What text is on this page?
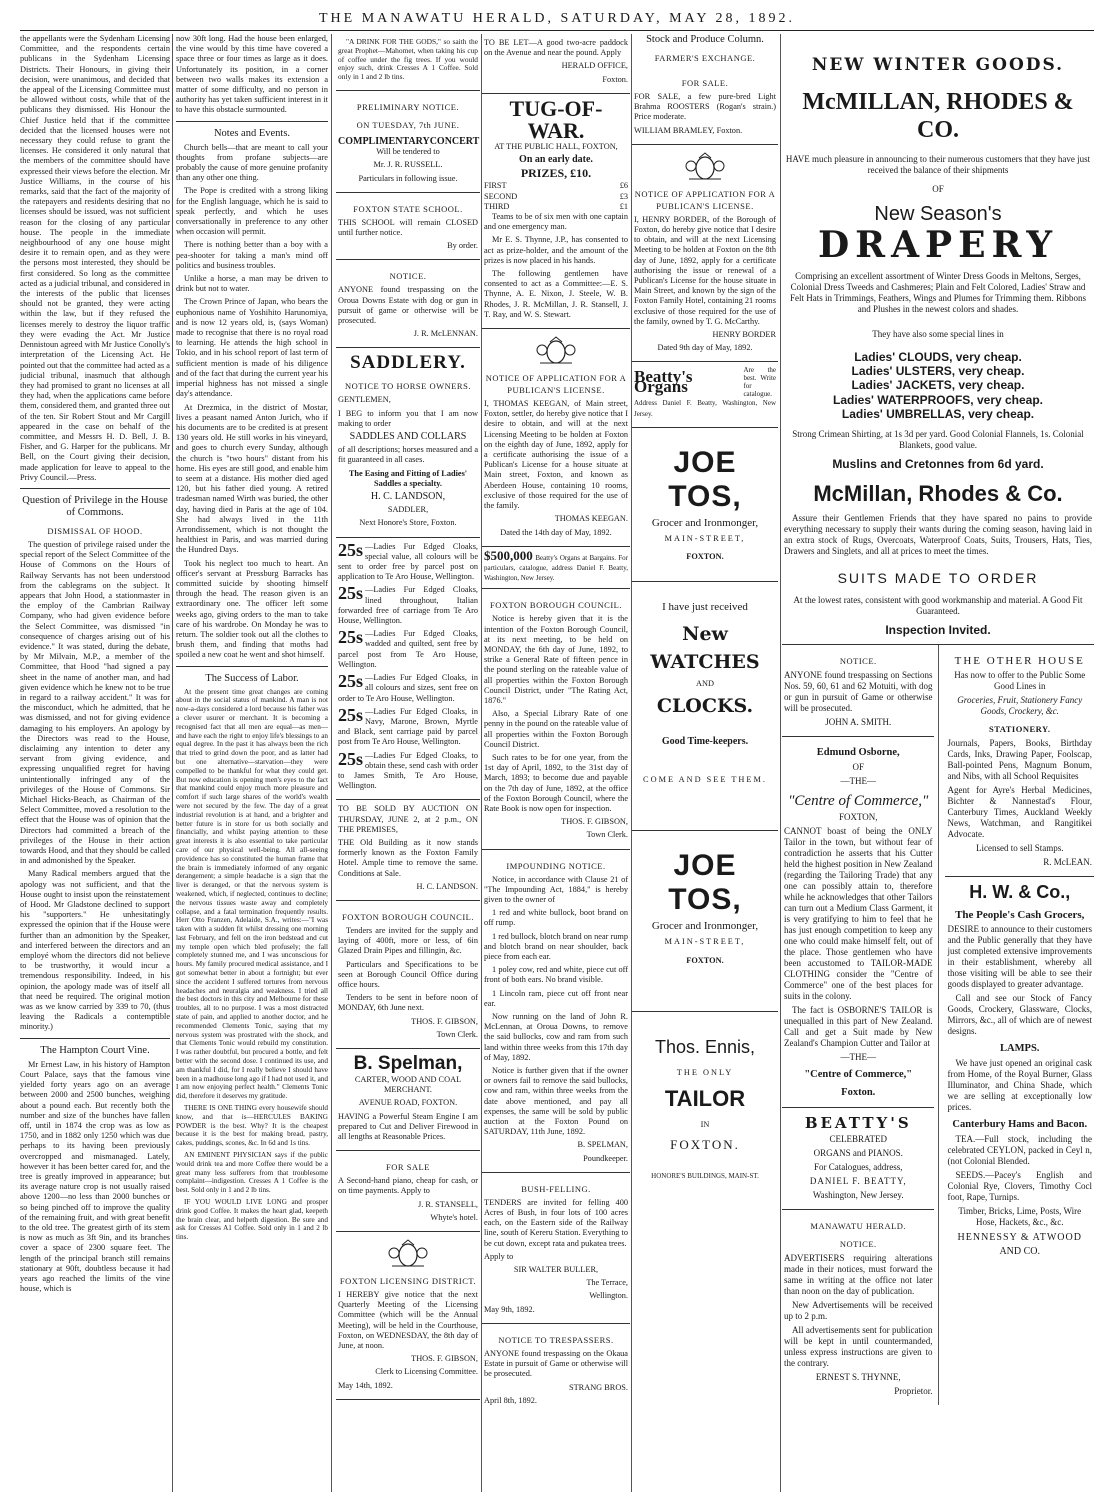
THE MANAWATU HERALD, SATURDAY, MAY 28, 1892.

the appellants were the Sydenham Licensing Committee, and the respondents certain publicans in the Sydenham Licensing Districts. Their Honours, in giving their decision, were unanimous, and decided that the appeal of the Licensing Committee must be allowed without costs, while that of the publicans they dismissed. His Honour the Chief Justice held that if the committee decided that the licensed houses were not necessary they could refuse to grant the licenses. He considered it only natural that the members of the committee should have expressed their views before the election. Mr Justice Williams, in the course of his remarks, said that the fact of the majority of the ratepayers and residents desiring that no licenses should be issued, was not sufficient reason for the closing of any particular house. The people in the immediate neighbourhood of any one house might desire it to remain open, and as they were the persons most interested, they should be first considered. So long as the committee acted as a judicial tribunal, and considered in the interests of the public that licenses should not be granted, they were acting within the law, but if they refused the licenses merely to destroy the liquor traffic they were evading the Act. Mr Justice Dennistoun agreed with Mr Justice Conolly's interpretation of the Licensing Act. He pointed out that the committee had acted as a judicial tribunal, inasmuch that although they had promised to grant no licenses at all they had, when the applications came before them, considered them, and granted three out of the ten. Sir Robert Stout and Mr Cargill appeared in the case on behalf of the committee, and Messrs H. D. Bell, J. B. Fisher, and G. Harper for the publicans. Mr Bell, on the Court giving their decision, made application for leave to appeal to the Privy Council.—Press.

Question of Privilege in the House of Commons.
DISMISSAL OF HOOD.

The question of privilege raised under the special report of the Select Committee of the House of Commons on the Hours of Railway Servants has not been understood from the cablegrams on the subject. It appears that John Hood, a stationmaster in the employ of the Cambrian Railway Company, who had given evidence before the Select Committee, was dismissed "in consequence of charges arising out of his evidence." It was stated, during the debate, by Mr Milvain, M.P., a member of the Committee, that Hood "had signed a pay sheet in the name of another man, and had given evidence which he knew not to be true in regard to a railway accident." It was for the misconduct, which he admitted, that he was dismissed, and not for giving evidence damaging to his employers. An apology by the Directors was read to the House, disclaiming any intention to deter any servant from giving evidence, and expressing unqualified regret for having unintentionally infringed any of the privileges of the House of Commons. Sir Michael Hicks-Beach, as Chairman of the Select Committee, moved a resolution to the effect that the House was of opinion that the Directors had committed a breach of the privileges of the House in their action towards Hood, and that they should be called in and admonished by the Speaker.

Many Radical members argued that the apology was not sufficient, and that the House ought to insist upon the reinstatement of Hood. Mr Gladstone declined to support his "supporters." He unhesitatingly expressed the opinion that if the House were further than an admonition by the Speaker, and interfered between the directors and an employé whom the directors did not believe to be trustworthy, it would incur a tremendous responsibility. Indeed, in his opinion, the apology made was of itself all that need be required. The original motion was as we know carried by 339 to 70, (thus leaving the Radicals a contemptible minority.)

The Hampton Court Vine.

Mr Ernest Law, in his history of Hampton Court Palace, says that the famous vine yielded forty years ago on an average between 2000 and 2500 bunches, weighing about a pound each. But recently both the number and size of the bunches have fallen off, until in 1874 the crop was as low as 1750, and in 1882 only 1250 which was due perhaps to its having been previously overcropped and mismanaged. Lately, however it has been better cared for, and the tree is greatly improved in appearance; but its average nature crop is not usually raised above 1200—no less than 2000 bunches or so being pinched off to improve the quality of the remaining fruit, and with great benefit to the old tree. The greatest girth of its stem is now as much as 3ft 9in, and its branches cover a space of 2300 square feet. The length of the principal branch still remains stationary at 90ft, doubtless because it had years ago reached the limits of the vine house, which is

now 30ft long. Had the house been enlarged, the vine would by this time have covered a space three or four times as large as it does. Unfortunately its position, in a corner between two walls makes its extension a matter of some difficulty, and no person in authority has yet taken sufficient interest in it to have this obstacle surmounted.

Notes and Events.

Church bells—that are meant to call your thoughts from profane subjects—are probably the cause of more genuine profanity than any other one thing.

The Pope is credited with a strong liking for the English language, which he is said to speak perfectly, and which he uses conversationally in preference to any other when occasion will permit.

There is nothing better than a boy with a pea-shooter for taking a man's mind off politics and business troubles.

Unlike a horse, a man may be driven to drink but not to water.

The Crown Prince of Japan, who bears the euphonious name of Yoshihito Harunomiya, and is now 12 years old, is, (says Woman) made to recognise that there is no royal road to learning. He attends the high school in Tokio, and in his school report of last term of sufficient mention is made of his diligence and of the fact that during the current year his imperial highness has not missed a single day's attendance.

At Drezmica, in the district of Mostar, lives a peasant named Anton Jurich, who if his documents are to be credited is at present 130 years old. He still works in his vineyard, and goes to church every Sunday, although the church is "two hours" distant from his home. His eyes are still good, and enable him to seem at a distance. His mother died aged 120, but his father died young. A retired tradesman named Wirth was buried, the other day, having died in Paris at the age of 104. She had always lived in the 11th Arrondissement, which is not thought the healthiest in Paris, and was married during the Hundred Days.

Took his neglect too much to heart. An officer's servant at Pressburg Barracks has committed suicide by shooting himself through the head. The reason given is an extraordinary one. The officer left some weeks ago, giving orders to the man to take care of his wardrobe. On Monday he was to return. The soldier took out all the clothes to brush them, and finding that moths had spoiled a new coat he went and shot himself.

The Success of Labor.

At the present time great changes are coming about in the social status of mankind. A man is not now-a-days considered a lord because his father was a clever usurer or merchant. It is becoming a recognised fact that all men are equal—as men—and have each the right to enjoy life's blessings to an equal degree. In the past it has always been the rich that tried to grind down the poor, and as latter had but one alternative—starvation—they were compelled to be thankful for what they could get. But now education is opening men's eyes to the fact that mankind could enjoy much more pleasure and comfort if such large shares of the world's wealth were not secured by the few. The day of a great industrial revolution is at hand, and a brighter and better future is in store for us both socially and financially, and whilst paying attention to these great interests it is also essential to take particular care of our physical well-being. All all-seeing providence has so constituted the human frame that the brain is immediately informed of any organic derangement; a simple headache is a sign that the liver is deranged, or that the nervous system is weakened, which, if neglected, continues to decline; the nervous tissues waste away and completely collapse, and a fatal termination frequently results. Herr Otto Franzen, Adelaide, S.A., writes:—"I was taken with a sudden fit whilst dressing one morning last February, and fell on the iron bedstead and cut my temple open which bled profusely; the fall completely stunned me, and I was unconscious for hours. My family procured medical assistance, and I got somewhat better in about a fortnight; but ever since the accident I suffered tortures from nervous headaches and neuralgia and weakness. I tried all the best doctors in this city and Melbourne for these troubles, all to no purpose. I was a most distracted state of pain, and applied to another doctor, and he recommended Clements Tonic, saying that my nervous system was prostrated with the shock, and that Clements Tonic would rebuild my constitution. I was rather doubtful, but procured a bottle, and felt better with the second dose. I continued its use, and am thankful I did, for I really believe I should have been in a madhouse long ago if I had not used it, and I am now enjoying perfect health." Clements Tonic did, therefore it deserves my gratitude.

THERE IS ONE THING every housewife should know, and that is—HERCULES BAKING POWDER is the best. Why? It is the cheapest because it is the best for making bread, pastry, cakes, puddings, scones, &c. In 6d and 1s tins.

AN EMINENT PHYSICIAN says if the public would drink tea and more Coffee there would be a great many less sufferers from that troublesome complaint—indigestion. Cresses A 1 Coffee is the best. Sold only in 1 and 2 lb tins.

IF YOU WOULD LIVE LONG and prosper drink good Coffee. It makes the heart glad, keepeth the brain clear, and helpeth digestion. Be sure and ask for Cresses A1 Coffee. Sold only in 1 and 2 lb tins.

"A DRINK FOR THE GODS," so saith the great Prophet—Mahomet, when taking his cup of coffee under the fig trees. If you would enjoy such, drink Cresses A 1 Coffee. Sold only in 1 and 2 lb tins.

PRELIMINARY NOTICE.
ON TUESDAY, 7th JUNE.
COMPLIMENTARY CONCERT

Will be tendered to

Mr. J. R. RUSSELL.

Particulars in following issue.

FOXTON STATE SCHOOL.

THIS SCHOOL will remain CLOSED until further notice.

By order.

NOTICE.

ANYONE found trespassing on the Oroua Downs Estate with dog or gun in pursuit of game or otherwise will be prosecuted.

J. R. McLENNAN.

SADDLERY.
NOTICE TO HORSE OWNERS.

GENTLEMEN,

I BEG to inform you that I am now making to order

SADDLES AND COLLARS

of all descriptions; horses measured and a fit guaranteed in all cases.

The Easing and Fitting of Ladies' Saddles a specialty.

H. C. LANDSON,

SADDLER,

Next Honore's Store, Foxton.

25s —Ladies Fur Edged Cloaks, special value, all colours will be sent to order free by parcel post on application to Te Aro House, Wellington.

25s —Ladies Fur Edged Cloaks, lined throughout, Italian forwarded free of carriage from Te Aro House, Wellington.

25s —Ladies Fur Edged Cloaks, wadded and quilted, sent free by parcel post from Te Aro House, Wellington.

25s —Ladies Fur Edged Cloaks, in all colours and sizes, sent free on order to Te Aro House, Wellington.

25s —Ladies Fur Edged Cloaks, in Navy, Marone, Brown, Myrtle and Black, sent carriage paid by parcel post from Te Aro House, Wellington.

25s —Ladies Fur Edged Cloaks, to obtain these, send cash with order to James Smith, Te Aro House, Wellington.

TO BE SOLD BY AUCTION ON THURSDAY, JUNE 2, at 2 p.m., ON THE PREMISES,

THE Old Building as it now stands formerly known as the Foxton Family Hotel. Ample time to remove the same. Conditions at Sale.

H. C. LANDSON.

FOXTON BOROUGH COUNCIL.

Tenders are invited for the supply and laying of 400ft, more or less, of 6in Glazed Drain Pipes and fillingin, &c.

Particulars and Specifications to be seen at Borough Council Office during office hours.

Tenders to be sent in before noon of MONDAY, 6th June next.

THOS. F. GIBSON,

Town Clerk.

B. Spelman,

CARTER, WOOD AND COAL MERCHANT.

AVENUE ROAD, FOXTON.

HAVING a Powerful Steam Engine I am prepared to Cut and Deliver Firewood in all lengths at Reasonable Prices.

FOR SALE

A Second-hand piano, cheap for cash, or on time payments. Apply to

J. R. STANSELL,

Whyte's hotel.

FOXTON LICENSING DISTRICT.

I HEREBY give notice that the next Quarterly Meeting of the Licensing Committee (which will be the Annual Meeting), will be held in the Courthouse, Foxton, on WEDNESDAY, the 8th day of June, at noon.

THOS. F. GIBSON,

Clerk to Licensing Committee.

May 14th, 1892.

TO BE LET—A good two-acre paddock on the Avenue and near the pound. Apply

HERALD OFFICE,

Foxton.

TUG-OF-WAR.

AT THE PUBLIC HALL, FOXTON,

On an early date.

PRIZES, £10.

FIRST	£6
SECOND	£3
THIRD	£1

Teams to be of six men with one captain and one emergency man.

Mr E. S. Thynne, J.P., has consented to act as prize-holder, and the amount of the prizes is now placed in his hands.

The following gentlemen have consented to act as a Committee:—E. S. Thynne, A. E. Nixon, J. Steele, W. B. Rhodes, J. R. McMillan, J. R. Stansell, J. T. Ray, and W. S. Stewart.

NOTICE OF APPLICATION FOR A PUBLICAN'S LICENSE.

I, THOMAS KEEGAN, of Main street, Foxton, settler, do hereby give notice that I desire to obtain, and will at the next Licensing Meeting to be holden at Foxton on the eighth day of June, 1892, apply for a certificate authorising the issue of a Publican's License for a house situate at Main street, Foxton, and known as Aberdeen House, containing 10 rooms, exclusive of those required for the use of the family.

THOMAS KEEGAN.

Dated the 14th day of May, 1892.

$500,000 Beatty's Organs at Bargains. For particulars, catalogue, address Daniel F. Beatty, Washington, New Jersey.
FOXTON BOROUGH COUNCIL.

Notice is hereby given that it is the intention of the Foxton Borough Council, at its next meeting, to be held on MONDAY, the 6th day of June, 1892, to strike a General Rate of fifteen pence in the pound sterling on the rateable value of all properties within the Foxton Borough Council District, under "The Rating Act, 1876."

Also, a Special Library Rate of one penny in the pound on the rateable value of all properties within the Foxton Borough Council District.

Such rates to be for one year, from the 1st day of April, 1892, to the 31st day of March, 1893; to become due and payable on the 7th day of June, 1892, at the office of the Foxton Borough Council, where the Rate Book is now open for inspection.

THOS. F. GIBSON,

Town Clerk.

IMPOUNDING NOTICE.

Notice, in accordance with Clause 21 of "The Impounding Act, 1884," is hereby given to the owner of

1 red and white bullock, boot brand on off rump.

1 red bullock, blotch brand on near rump and blotch brand on near shoulder, back piece from each ear.

1 poley cow, red and white, piece cut off front of both ears. No brand visible.

1 Lincoln ram, piece cut off front near ear.

Now running on the land of John R. McLennan, at Oroua Downs, to remove the said bullocks, cow and ram from such land within three weeks from this 17th day of May, 1892.

Notice is further given that if the owner or owners fail to remove the said bullocks, cow and ram, within three weeks from the date above mentioned, and pay all expenses, the same will be sold by public auction at the Foxton Pound on SATURDAY, 11th June, 1892.

B. SPELMAN,

Poundkeeper.

BUSH-FELLING.

TENDERS are invited for felling 400 Acres of Bush, in four lots of 100 acres each, on the Eastern side of the Railway line, south of Kereru Station. Everything to be cut down, except rata and pukatea trees.

Apply to

SIR WALTER BULLER,

The Terrace,

Wellington.

May 9th, 1892.

NOTICE TO TRESPASSERS.

ANYONE found trespassing on the Okaua Estate in pursuit of Game or otherwise will be prosecuted.

STRANG BROS.

April 8th, 1892.

Stock and Produce Column.
FARMER'S EXCHANGE.
FOR SALE.

FOR SALE, a few pure-bred Light Brahma ROOSTERS (Rogan's strain.) Price moderate.

WILLIAM BRAMLEY, Foxton.

NOTICE OF APPLICATION FOR A PUBLICAN'S LICENSE.

I, HENRY BORDER, of the Borough of Foxton, do hereby give notice that I desire to obtain, and will at the next Licensing Meeting to be holden at Foxton on the 8th day of June, 1892, apply for a certificate authorising the issue or renewal of a Publican's License for the house situate in Main Street, and known by the sign of the Foxton Family Hotel, containing 21 rooms exclusive of those required for the use of the family, owned by T. G. McCarthy.

HENRY BORDER

Dated 9th day of May, 1892.

Beatty's Organs
Are the best. Write for catalogue.

Address Daniel F. Beatty, Washington, New Jersey.

JOE TOS,

Grocer and Ironmonger,

MAIN-STREET,

FOXTON.

I have just received

New
WATCHES

AND

CLOCKS.

Good Time-keepers.

COME AND SEE THEM.

JOE TOS,

Grocer and Ironmonger,

MAIN-STREET,

FOXTON.

Thos. Ennis,

THE ONLY

TAILOR

IN

FOXTON.

HONORE'S BUILDINGS, MAIN-ST.

NEW WINTER GOODS.
McMILLAN, RHODES & CO.

HAVE much pleasure in announcing to their numerous customers that they have just received the balance of their shipments

OF

New Season's
DRAPERY

Comprising an excellent assortment of Winter Dress Goods in Meltons, Serges, Colonial Dress Tweeds and Cashmeres; Plain and Felt Colored, Ladies' Straw and Felt Hats in Trimmings, Feathers, Wings and Plumes for Trimming them. Ribbons and Plushes in the newest colors and shades.

They have also some special lines in

Ladies' CLOUDS, very cheap.
Ladies' ULSTERS, very cheap.
Ladies' JACKETS, very cheap.
Ladies' WATERPROOFS, very cheap.
Ladies' UMBRELLAS, very cheap.

Strong Crimean Shirting, at 1s 3d per yard. Good Colonial Flannels, 1s. Colonial Blankets, good value.

Muslins and Cretonnes from 6d yard.
McMillan, Rhodes & Co.

Assure their Gentlemen Friends that they have spared no pains to provide everything necessary to supply their wants during the coming season, having laid in an extra stock of Rugs, Overcoats, Waterproof Coats, Suits, Trousers, Hats, Ties, Drawers and Singlets, and all at prices to meet the times.

SUITS MADE TO ORDER

At the lowest rates, consistent with good workmanship and material. A Good Fit Guaranteed.

Inspection Invited.
NOTICE.

ANYONE found trespassing on Sections Nos. 59, 60, 61 and 62 Motuiti, with dog or gun in pursuit of Game or otherwise will be prosecuted.

JOHN A. SMITH.

Edmund Osborne,

OF

—THE—

"Centre of Commerce,"

FOXTON,

CANNOT boast of being the ONLY Tailor in the town, but without fear of contradiction he asserts that his Cutter held the highest position in New Zealand (regarding the Tailoring Trade) that any one can possibly attain to, therefore while he acknowledges that other Tailors can turn out a Medium Class Garment, it is very gratifying to him to feel that he has just enough competition to keep any one who could make himself felt, out of the place. Those gentlemen who have been accustomed to TAILOR-MADE CLOTHING consider the "Centre of Commerce" one of the best places for suits in the colony.

The fact is OSBORNE'S TAILOR is unequalled in this part of New Zealand. Call and get a Suit made by New Zealand's Champion Cutter and Tailor at

—THE—

"Centre of Commerce,"
Foxton.
BEATTY'S

CELEBRATED

ORGANS and PIANOS.

For Catalogues, address,

DANIEL F. BEATTY,

Washington, New Jersey.

MANAWATU HERALD.
NOTICE.

ADVERTISERS requiring alterations made in their notices, must forward the same in writing at the office not later than noon on the day of publication.

New Advertisements will be received up to 2 p.m.

All advertisements sent for publication will be kept in until countermanded, unless express instructions are given to the contrary.

ERNEST S. THYNNE,

Proprietor.

THE OTHER HOUSE

Has now to offer to the Public Some Good Lines in

Groceries, Fruit, Stationery Fancy Goods, Crockery, &c.

STATIONERY.

Journals, Papers, Books, Birthday Cards, Inks, Drawing Paper, Foolscap, Ball-pointed Pens, Magnum Bonum, and Nibs, with all School Requisites

Agent for Ayre's Herbal Medicines, Bichter & Nannestad's Flour, Canterbury Times, Auckland Weekly News, Watchman, and Rangitikei Advocate.

Licensed to sell Stamps.

R. McLEAN.

H. W. & Co.,
The People's Cash Grocers,

DESIRE to announce to their customers and the Public generally that they have just completed extensive improvements in their establishment, whereby all those visiting will be able to see their goods displayed to greater advantage.

Call and see our Stock of Fancy Goods, Crockery, Glassware, Clocks, Mirrors, &c., all of which are of newest designs.

LAMPS.

We have just opened an original cask from Home, of the Royal Burner, Glass Illuminator, and China Shade, which we are selling at exceptionally low prices.

Canterbury Hams and Bacon.

TEA.—Full stock, including the celebrated CEYLON, packed in Ceyl n, (not Colonial Blended.

SEEDS.—Pacey's English and Colonial Rye, Clovers, Timothy Cocl foot, Rape, Turnips.

Timber, Bricks, Lime, Posts, Wire Hose, Hackets, &c., &c.

HENNESSY & ATWOOD

AND CO.
